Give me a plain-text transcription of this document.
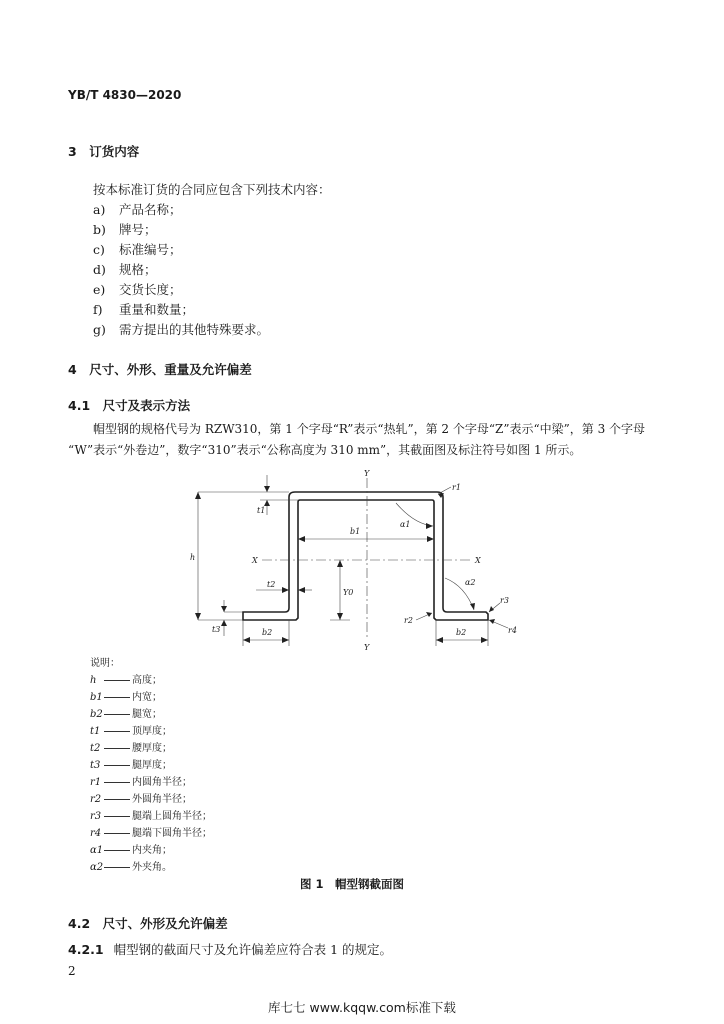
YB/T 4830—2020
3　订货内容
按本标准订货的合同应包含下列技术内容：
a) 产品名称；
b) 牌号；
c) 标准编号；
d) 规格；
e) 交货长度；
f) 重量和数量；
g) 需方提出的其他特殊要求。
4　尺寸、外形、重量及允许偏差
4.1　尺寸及表示方法
帽型钢的规格代号为 RZW310，第 1 个字母“R”表示“热轧”，第 2 个字母“Z”表示“中梁”，第 3 个字母
“W”表示“外卷边”，数字“310”表示“公称高度为 310 mm”，其截面图及标注符号如图 1 所示。
Y
Y
X	X
h
b1
b2	b2
t1
t2
t3
Y0
α1
α2
r1
r2
r3
r4
说明：
h	高度；
b1	内宽；
b2	腿宽；
t1	顶厚度；
t2	腰厚度；
t3	腿厚度；
r1	内圆角半径；
r2	外圆角半径；
r3	腿端上圆角半径；
r4	腿端下圆角半径；
α1	内夹角；
α2	外夹角。
图 1　帽型钢截面图
4.2　尺寸、外形及允许偏差
4.2.1 帽型钢的截面尺寸及允许偏差应符合表 1 的规定。
2
库七七 www.kqqw.com标准下载
